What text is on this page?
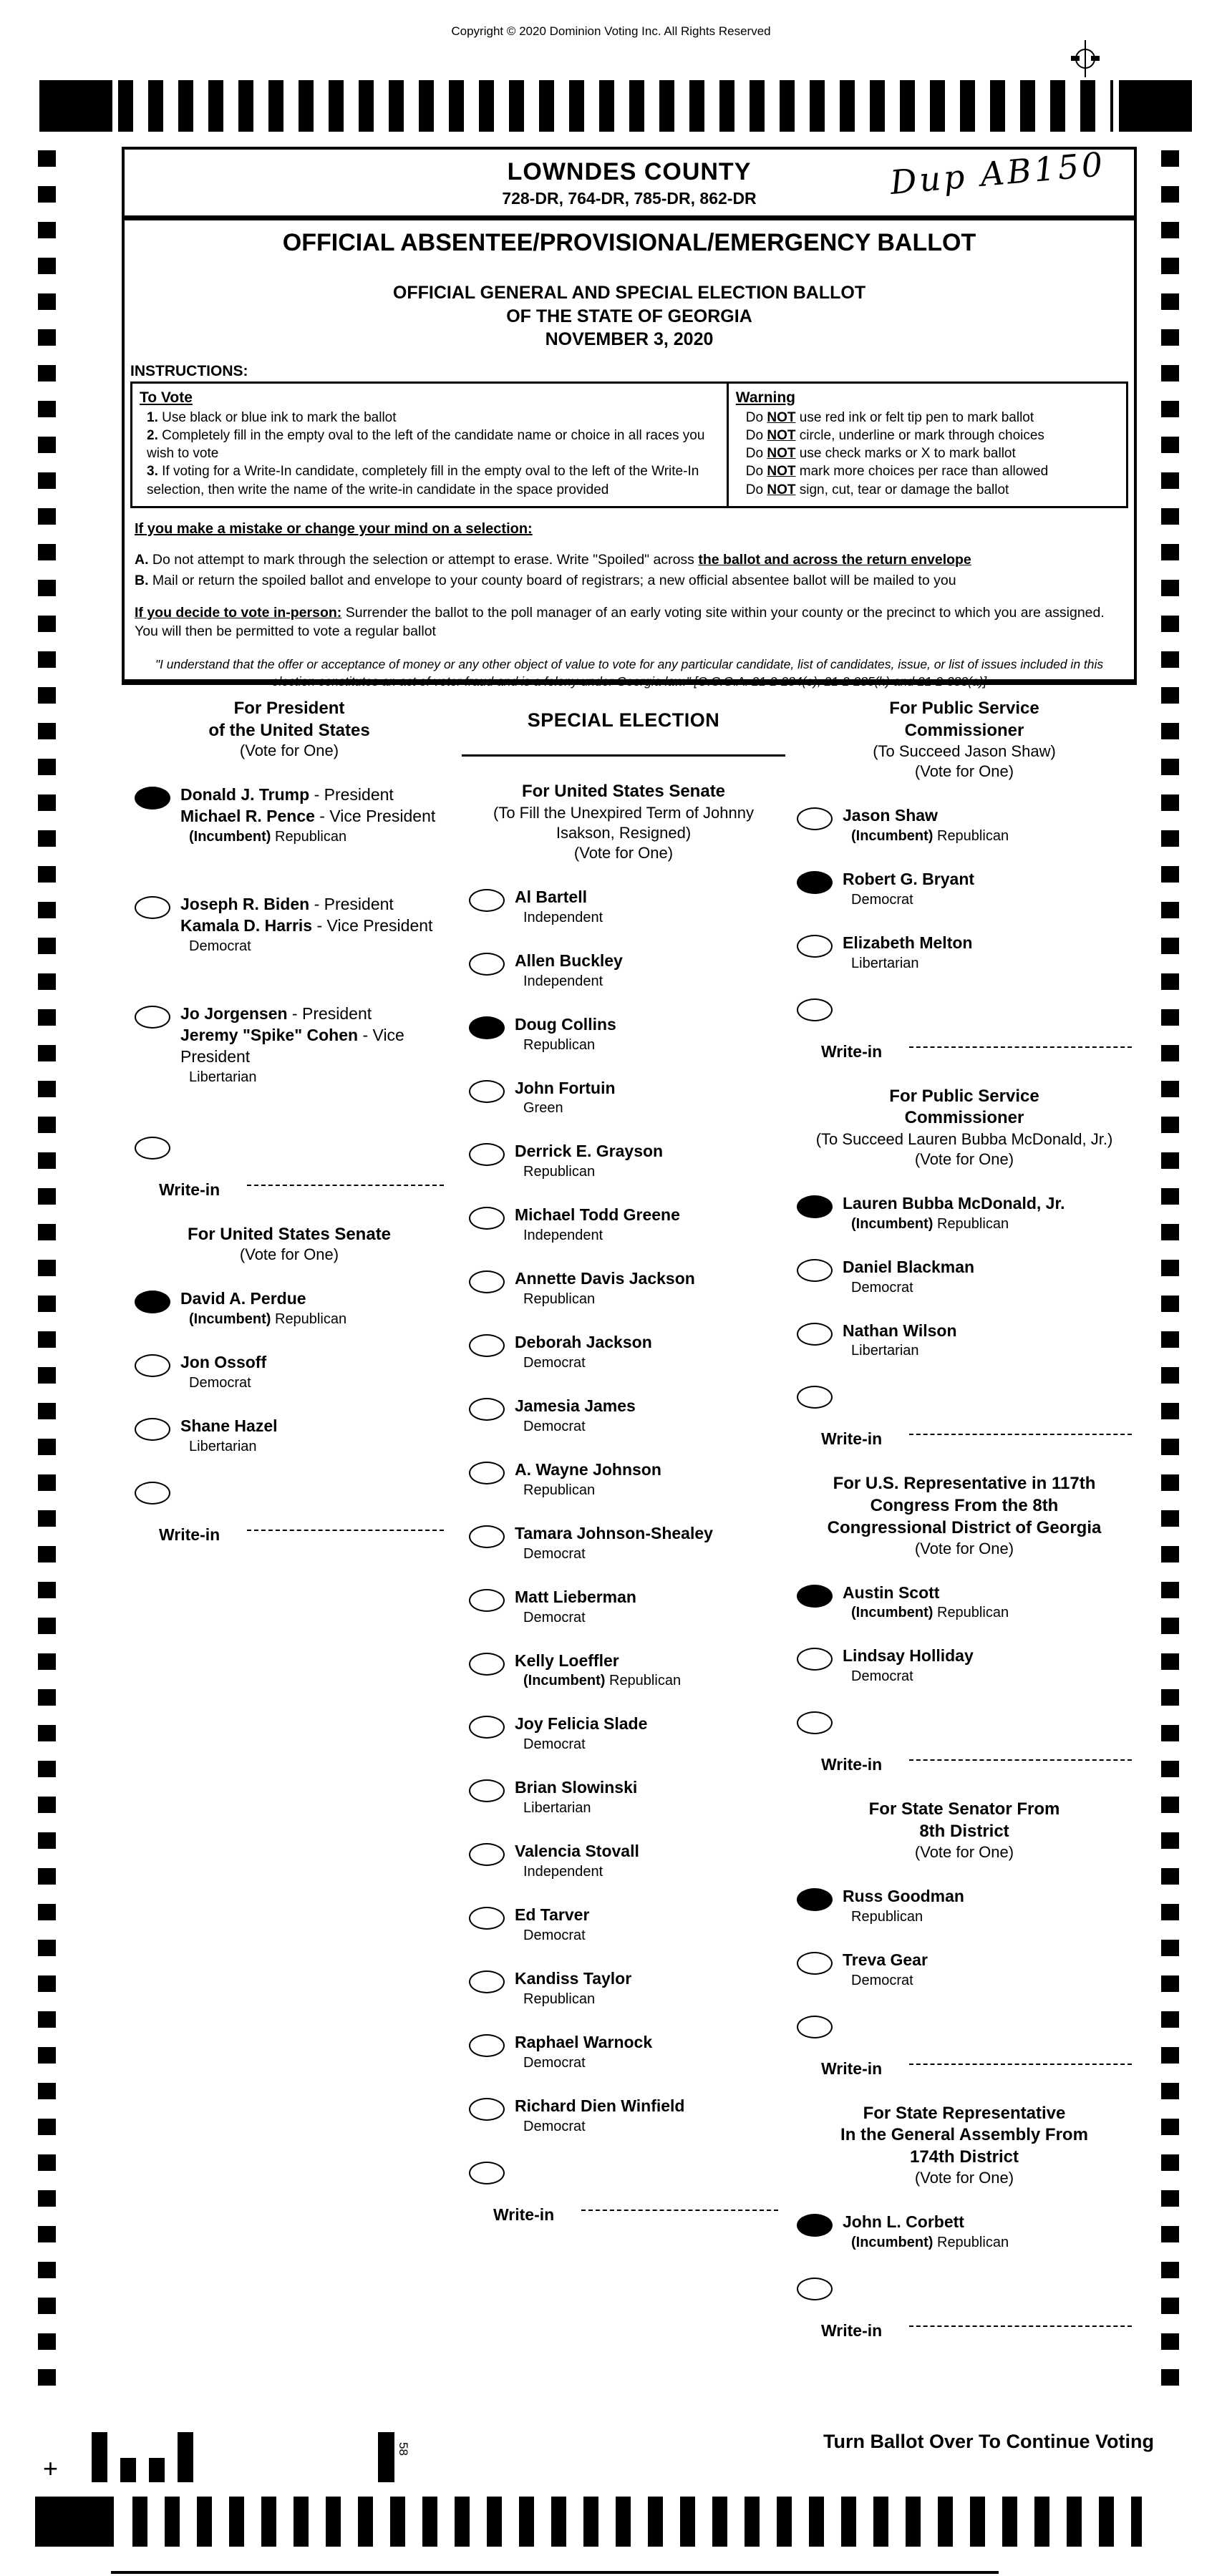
Copyright © 2020 Dominion Voting Inc. All Rights Reserved
LOWNDES COUNTY
728-DR, 764-DR, 785-DR, 862-DR	Dup AB150
OFFICIAL ABSENTEE/PROVISIONAL/EMERGENCY BALLOT
OFFICIAL GENERAL AND SPECIAL ELECTION BALLOT
OF THE STATE OF GEORGIA
NOVEMBER 3, 2020
INSTRUCTIONS:
To Vote
1. Use black or blue ink to mark the ballot
2. Completely fill in the empty oval to the left of the candidate name or choice in all races you wish to vote
3. If voting for a Write-In candidate, completely fill in the empty oval to the left of the Write-In selection, then write the name of the write-in candidate in the space provided
Warning
Do NOT use red ink or felt tip pen to mark ballot
Do NOT circle, underline or mark through choices
Do NOT use check marks or X to mark ballot
Do NOT mark more choices per race than allowed
Do NOT sign, cut, tear or damage the ballot
If you make a mistake or change your mind on a selection:
A. Do not attempt to mark through the selection or attempt to erase. Write "Spoiled" across the ballot and across the return envelope
B. Mail or return the spoiled ballot and envelope to your county board of registrars; a new official absentee ballot will be mailed to you
If you decide to vote in-person: Surrender the ballot to the poll manager of an early voting site within your county or the precinct to which you are assigned. You will then be permitted to vote a regular ballot
"I understand that the offer or acceptance of money or any other object of value to vote for any particular candidate, list of candidates, issue, or list of issues included in this
election constitutes an act of voter fraud and is a felony under Georgia law." [O.C.G.A. 21-2-284(e), 21-2-285(h) and 21-2-383(a)]
For President
of the United States
(Vote for One)
Donald J. Trump - President
Michael R. Pence - Vice President
(Incumbent) Republican
Joseph R. Biden - President
Kamala D. Harris - Vice President
Democrat
Jo Jorgensen - President
Jeremy "Spike" Cohen - Vice President
Libertarian
Write-in
For United States Senate
(Vote for One)
David A. Perdue
(Incumbent) Republican
Jon Ossoff
Democrat
Shane Hazel
Libertarian
Write-in
SPECIAL ELECTION
For United States Senate
(To Fill the Unexpired Term of Johnny
Isakson, Resigned)
(Vote for One)
Al Bartell
Independent
Allen Buckley
Independent
Doug Collins
Republican
John Fortuin
Green
Derrick E. Grayson
Republican
Michael Todd Greene
Independent
Annette Davis Jackson
Republican
Deborah Jackson
Democrat
Jamesia James
Democrat
A. Wayne Johnson
Republican
Tamara Johnson-Shealey
Democrat
Matt Lieberman
Democrat
Kelly Loeffler
(Incumbent) Republican
Joy Felicia Slade
Democrat
Brian Slowinski
Libertarian
Valencia Stovall
Independent
Ed Tarver
Democrat
Kandiss Taylor
Republican
Raphael Warnock
Democrat
Richard Dien Winfield
Democrat
Write-in
For Public Service
Commissioner
(To Succeed Jason Shaw)
(Vote for One)
Jason Shaw
(Incumbent) Republican
Robert G. Bryant
Democrat
Elizabeth Melton
Libertarian
Write-in
For Public Service
Commissioner
(To Succeed Lauren Bubba McDonald, Jr.)
(Vote for One)
Lauren Bubba McDonald, Jr.
(Incumbent) Republican
Daniel Blackman
Democrat
Nathan Wilson
Libertarian
Write-in
For U.S. Representative in 117th
Congress From the 8th
Congressional District of Georgia
(Vote for One)
Austin Scott
(Incumbent) Republican
Lindsay Holliday
Democrat
Write-in
For State Senator From
8th District
(Vote for One)
Russ Goodman
Republican
Treva Gear
Democrat
Write-in
For State Representative
In the General Assembly From
174th District
(Vote for One)
John L. Corbett
(Incumbent) Republican
Write-in
+
58	Turn Ballot Over To Continue Voting
